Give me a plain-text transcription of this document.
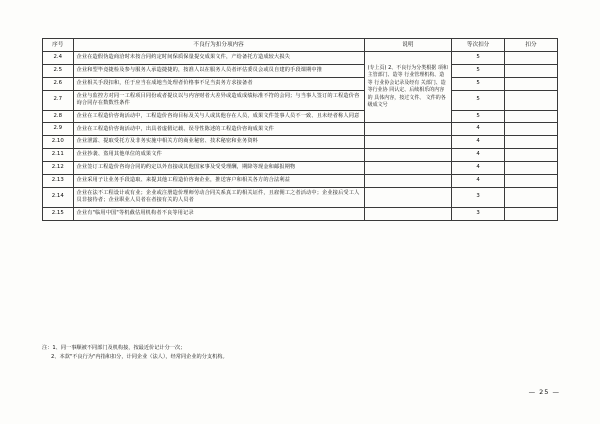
序号	不良行为扣分项内容	说明	等次扣分	扣分
2.4	企业在造假伪造商洽时未按合同约定时间保质保量提交成果文件，产给备托方造成较大损失	(专上页) 2、不良行为分类根据 项和主管部门、造等 行业管理机构、造等 行业协会记录及经有 关部门、造等行业协 同认定、后续相乐的内容的 具体内容，按过文件、 文件的各级成文号	5	
2.5	企业和型毕竟捷检及参与服务人承造捷捷的，按准人以在服务人员者评估委员会或员自建的手段课期中推		5	
2.6	企业相关手段扣和，任于应当在成地当处理者价格事不足当责务方求接备者		5	
2.7	企业与监控方对同一工程项目同份或者提议以与内容财者大差异或造成成绩标准不符的会同；与当事人签订的工程造价咨询合同存在数数性条件		5	
2.8	企业在工程造价咨询活动中，工程造价咨询目标及关与人或其他存在人员，成果文件签事人员不一致、且未经者称人同意		5	
2.9	企业在工程造价咨询活动中，出具者虚假记载、误导性陈述的工程造价咨询成果文件		4	
2.10	企业泄露、提取受托方及非务实施中相关方的商业秘密、技术秘密和业务资料		4	
2.11	企业抄袭、盗用其他单位的成果文件		4	
2.12	企业签订工程造价咨询合同的约定以外直接或其他国家事及受受理酬，期降等现金和邮报期物		4	
2.13	企业采用子让业务手段造取、来提其他工程造价咨询企业，推送客户和相关各方的合法利益		4	
2.14	企业在法不工程设计或有业；企业或注册造价理师劳动合同关系真工的相关证件，且雇佣工之者活动中；企业接后受工人员非接待者；企业职业人员者在者接有关的人员者		3	
2.15	企业有"临用中国"等机截估用机构者不良等用记录		3	
注：1、同一事顺被不同部门及机构接，按最近价记计分一次；
2、本款"不良行为"内指和扣分，计同企业（法人），经常同企业的分支机构。
— 25 —
